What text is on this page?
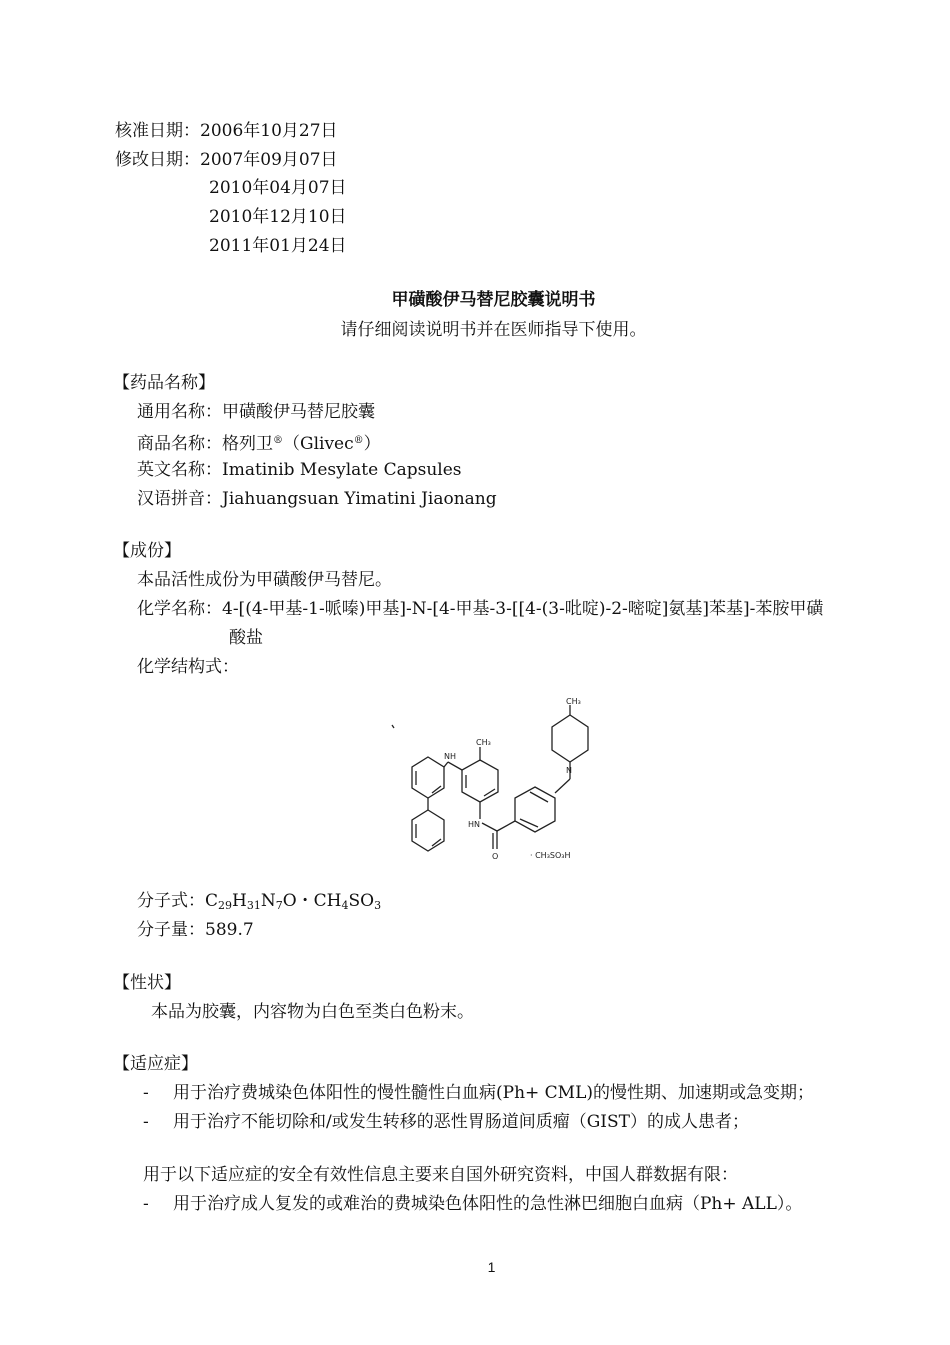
核准日期：2006年10月27日
修改日期：2007年09月07日
2010年04月07日
2010年12月10日
2011年01月24日
甲磺酸伊马替尼胶囊说明书
请仔细阅读说明书并在医师指导下使用。
【药品名称】
通用名称：甲磺酸伊马替尼胶囊
商品名称：格列卫®（Glivec®）
英文名称：Imatinib Mesylate Capsules
汉语拼音：Jiahuangsuan Yimatini Jiaonang
【成份】
本品活性成份为甲磺酸伊马替尼。
化学名称：4-[(4-甲基-1-哌嗪)甲基]-N-[4-甲基-3-[[4-(3-吡啶)-2-嘧啶]氨基]苯基]-苯胺甲磺
酸盐
化学结构式：
CH₃
CH₃
N
NH
HN
O	· CH₃SO₃H
分子式：$C_{29}H_{31}N_7O$・$CH_4SO_3$
分子量：589.7
【性状】
本品为胶囊，内容物为白色至类白色粉末。
【适应症】
- 用于治疗费城染色体阳性的慢性髓性白血病(Ph+ CML)的慢性期、加速期或急变期；
- 用于治疗不能切除和/或发生转移的恶性胃肠道间质瘤（GIST）的成人患者；
用于以下适应症的安全有效性信息主要来自国外研究资料，中国人群数据有限：
- 用于治疗成人复发的或难治的费城染色体阳性的急性淋巴细胞白血病（Ph+ ALL）。
1
